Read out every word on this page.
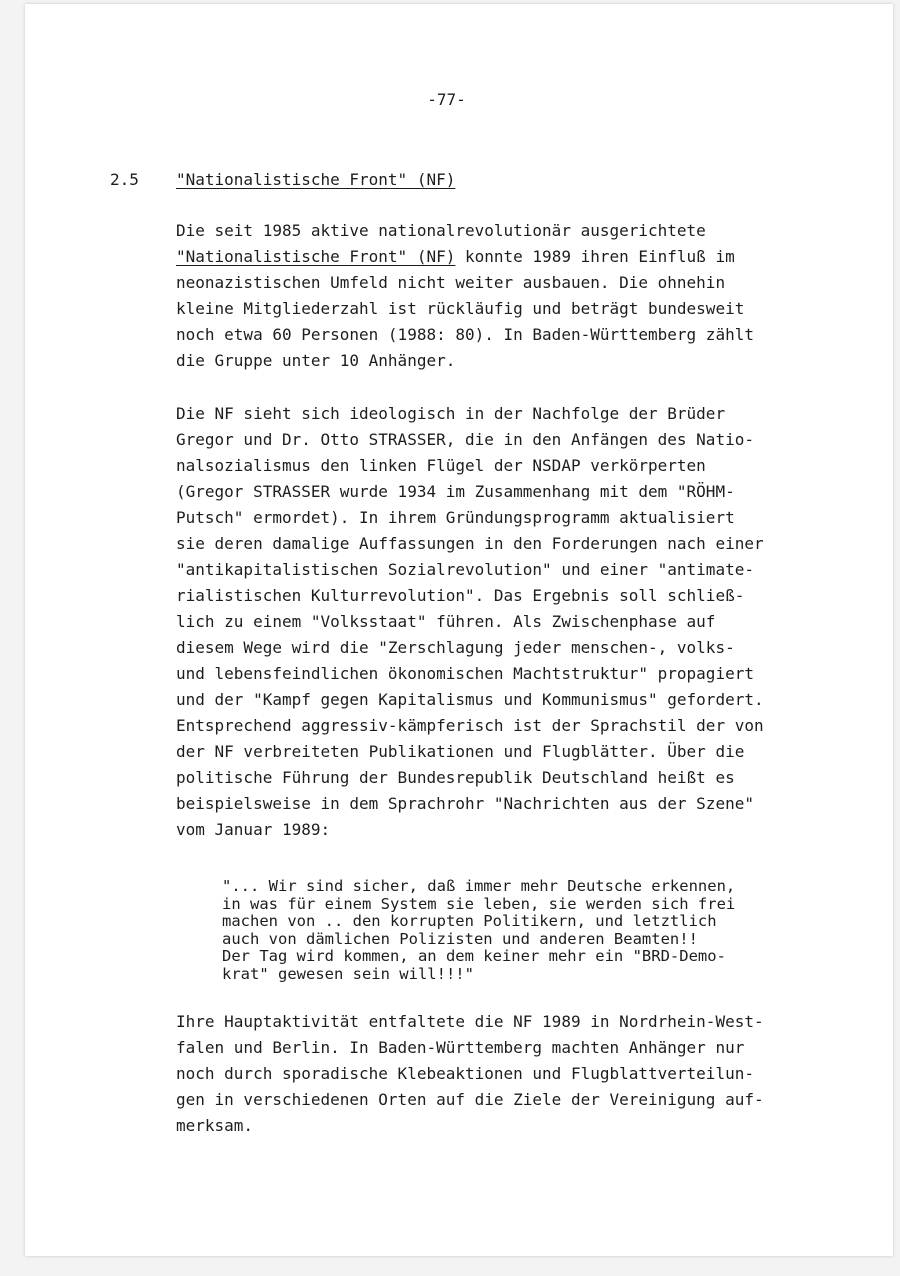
-77-
2.5 "Nationalistische Front" (NF)
Die seit 1985 aktive nationalrevolutionär ausgerichtete
"Nationalistische Front" (NF) konnte 1989 ihren Einfluß im
neonazistischen Umfeld nicht weiter ausbauen. Die ohnehin
kleine Mitgliederzahl ist rückläufig und beträgt bundesweit
noch etwa 60 Personen (1988: 80). In Baden-Württemberg zählt
die Gruppe unter 10 Anhänger.
Die NF sieht sich ideologisch in der Nachfolge der Brüder
Gregor und Dr. Otto STRASSER, die in den Anfängen des Natio-
nalsozialismus den linken Flügel der NSDAP verkörperten
(Gregor STRASSER wurde 1934 im Zusammenhang mit dem "RÖHM-
Putsch" ermordet). In ihrem Gründungsprogramm aktualisiert
sie deren damalige Auffassungen in den Forderungen nach einer
"antikapitalistischen Sozialrevolution" und einer "antimate-
rialistischen Kulturrevolution". Das Ergebnis soll schließ-
lich zu einem "Volksstaat" führen. Als Zwischenphase auf
diesem Wege wird die "Zerschlagung jeder menschen-, volks-
und lebensfeindlichen ökonomischen Machtstruktur" propagiert
und der "Kampf gegen Kapitalismus und Kommunismus" gefordert.
Entsprechend aggressiv-kämpferisch ist der Sprachstil der von
der NF verbreiteten Publikationen und Flugblätter. Über die
politische Führung der Bundesrepublik Deutschland heißt es
beispielsweise in dem Sprachrohr "Nachrichten aus der Szene"
vom Januar 1989:
"... Wir sind sicher, daß immer mehr Deutsche erkennen,
in was für einem System sie leben, sie werden sich frei
machen von .. den korrupten Politikern, und letztlich
auch von dämlichen Polizisten und anderen Beamten!!
Der Tag wird kommen, an dem keiner mehr ein "BRD-Demo-
krat" gewesen sein will!!!"
Ihre Hauptaktivität entfaltete die NF 1989 in Nordrhein-West-
falen und Berlin. In Baden-Württemberg machten Anhänger nur
noch durch sporadische Klebeaktionen und Flugblattverteilun-
gen in verschiedenen Orten auf die Ziele der Vereinigung auf-
merksam.
